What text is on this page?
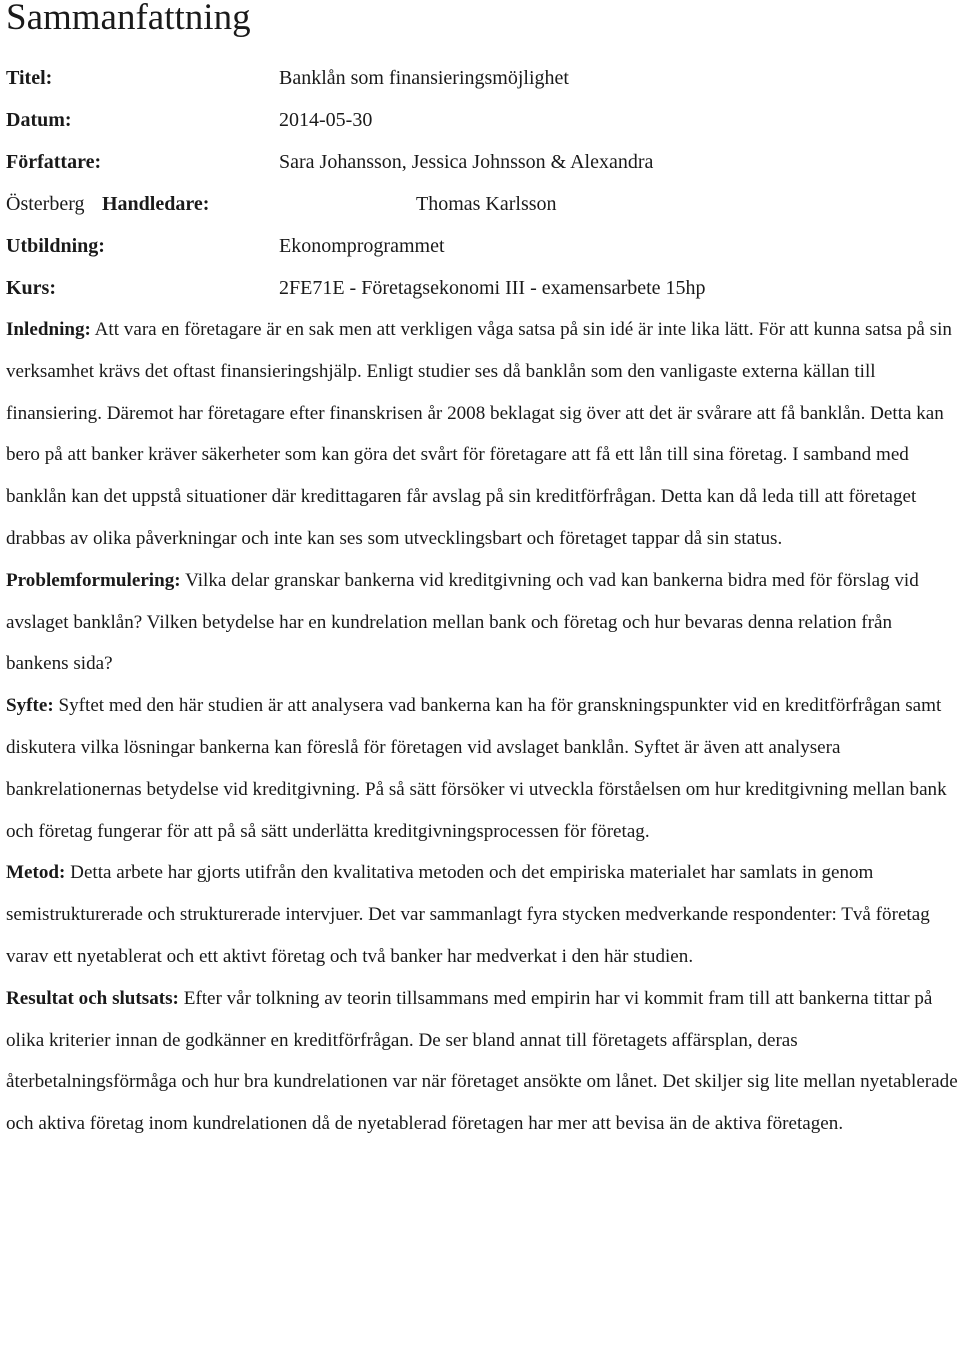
Sammanfattning
Titel:	Banklån som finansieringsmöjlighet
Datum:	2014-05-30
Författare:	Sara Johansson, Jessica Johnsson & Alexandra
Österberg Handledare:	Thomas Karlsson
Utbildning:	Ekonomprogrammet
Kurs:	2FE71E - Företagsekonomi III - examensarbete 15hp

Inledning: Att vara en företagare är en sak men att verkligen våga satsa på sin idé är inte lika lätt. För att kunna satsa på sin verksamhet krävs det oftast finansieringshjälp. Enligt studier ses då banklån som den vanligaste externa källan till finansiering. Däremot har företagare efter finanskrisen år 2008 beklagat sig över att det är svårare att få banklån. Detta kan bero på att banker kräver säkerheter som kan göra det svårt för företagare att få ett lån till sina företag. I samband med banklån kan det uppstå situationer där kredittagaren får avslag på sin kreditförfrågan. Detta kan då leda till att företaget drabbas av olika påverkningar och inte kan ses som utvecklingsbart och företaget tappar då sin status.

Problemformulering: Vilka delar granskar bankerna vid kreditgivning och vad kan bankerna bidra med för förslag vid avslaget banklån? Vilken betydelse har en kundrelation mellan bank och företag och hur bevaras denna relation från bankens sida?

Syfte: Syftet med den här studien är att analysera vad bankerna kan ha för granskningspunkter vid en kreditförfrågan samt diskutera vilka lösningar bankerna kan föreslå för företagen vid avslaget banklån. Syftet är även att analysera bankrelationernas betydelse vid kreditgivning. På så sätt försöker vi utveckla förståelsen om hur kreditgivning mellan bank och företag fungerar för att på så sätt underlätta kreditgivningsprocessen för företag.

Metod: Detta arbete har gjorts utifrån den kvalitativa metoden och det empiriska materialet har samlats in genom semistrukturerade och strukturerade intervjuer. Det var sammanlagt fyra stycken medverkande respondenter: Två företag varav ett nyetablerat och ett aktivt företag och två banker har medverkat i den här studien.

Resultat och slutsats: Efter vår tolkning av teorin tillsammans med empirin har vi kommit fram till att bankerna tittar på olika kriterier innan de godkänner en kreditförfrågan. De ser bland annat till företagets affärsplan, deras återbetalningsförmåga och hur bra kundrelationen var när företaget ansökte om lånet. Det skiljer sig lite mellan nyetablerade och aktiva företag inom kundrelationen då de nyetablerad företagen har mer att bevisa än de aktiva företagen.
